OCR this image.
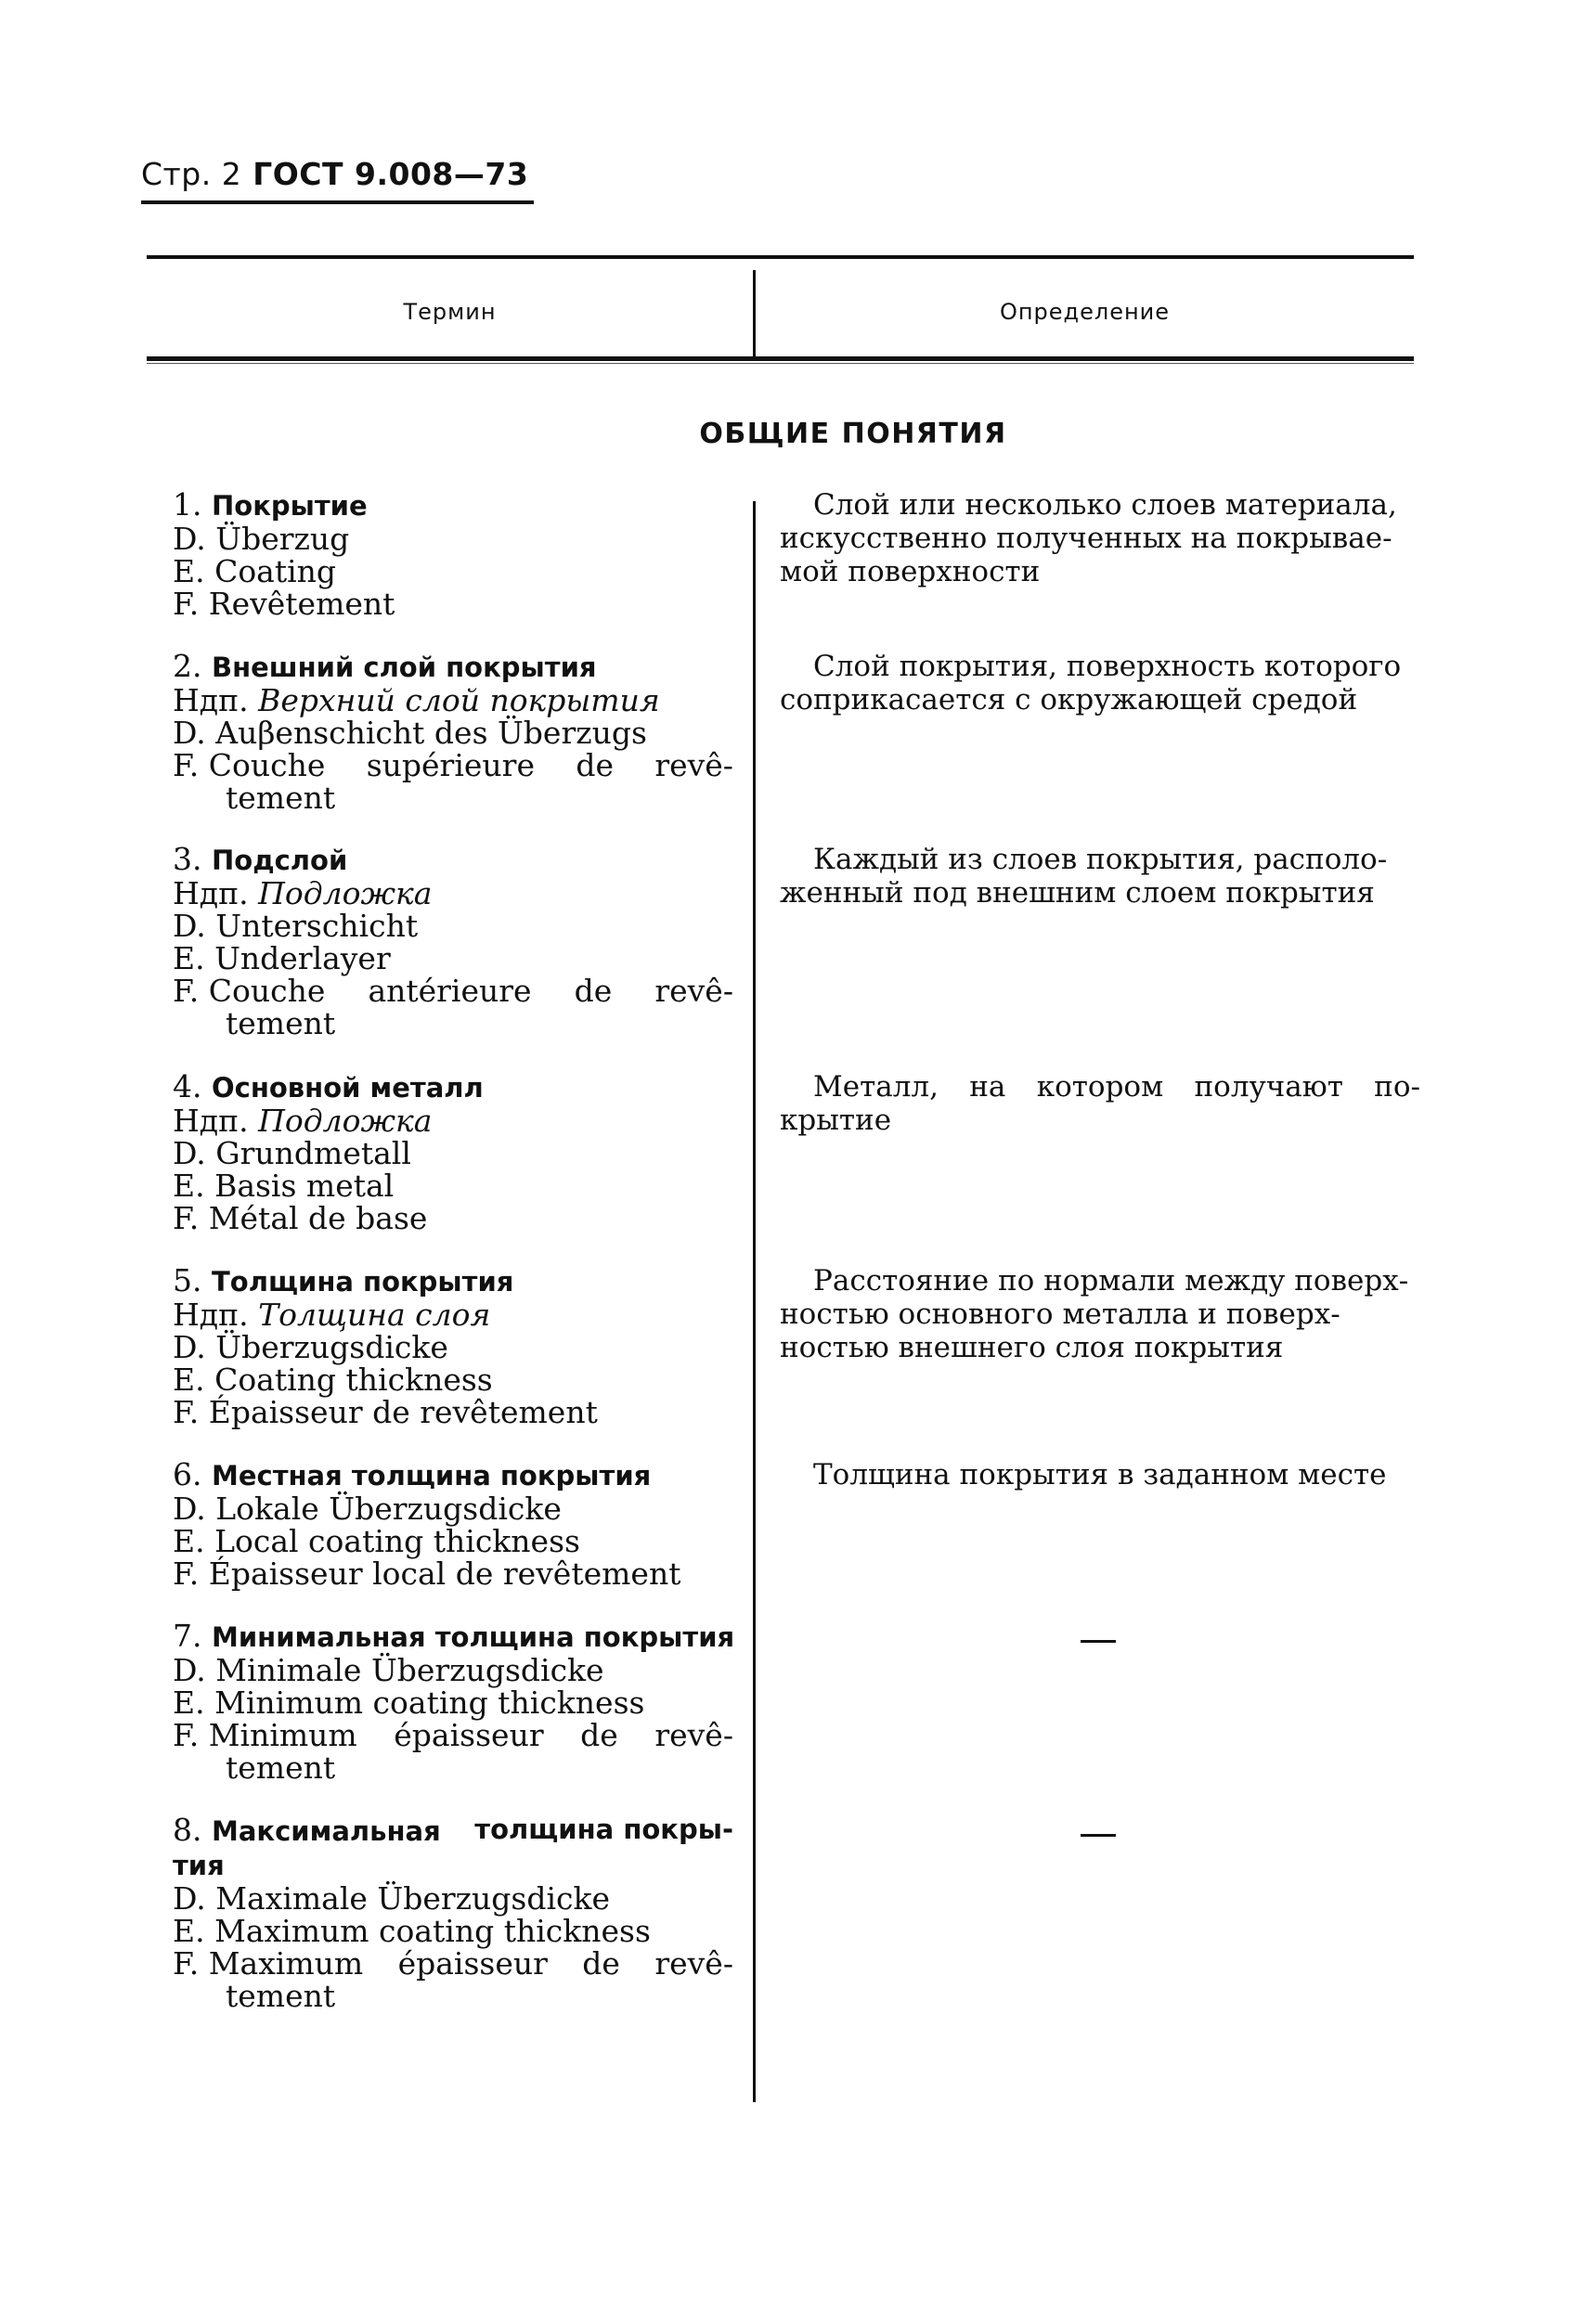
Стр. 2 ГОСТ 9.008—73
Термин	Определение
ОБЩИЕ ПОНЯТИЯ
1. Покрытие
D. Überzug
E. Coating
F. Revêtement
Слой или несколько слоев материала,
искусственно полученных на покрывае-
мой поверхности
2. Внешний слой покрытия
Ндп. Верхний слой покрытия
D. Auβenschicht des Überzugs
F. Couche supérieure de revê-
tement
Слой покрытия, поверхность которого
соприкасается с окружающей средой
3. Подслой
Ндп. Подложка
D. Unterschicht
E. Underlayer
F. Couche antérieure de revê-
tement
Каждый из слоев покрытия, располо-
женный под внешним слоем покрытия
4. Основной металл
Ндп. Подложка
D. Grundmetall
E. Basis metal
F. Métal de base
Металл, на котором получают по-
крытие
5. Толщина покрытия
Ндп. Толщина слоя
D. Überzugsdicke
E. Coating thickness
F. Épaisseur de revêtement
Расстояние по нормали между поверх-
ностью основного металла и поверх-
ностью внешнего слоя покрытия
6. Местная толщина покрытия
D. Lokale Überzugsdicke
E. Local coating thickness
F. Épaisseur local de revêtement
Толщина покрытия в заданном месте
7. Минимальная толщина покрытия
D. Minimale Überzugsdicke
E. Minimum coating thickness
F. Minimum épaisseur de revê-
tement
8. Максимальная толщина покры-
тия
D. Maximale Überzugsdicke
E. Maximum coating thickness
F. Maximum épaisseur de revê-
tement
